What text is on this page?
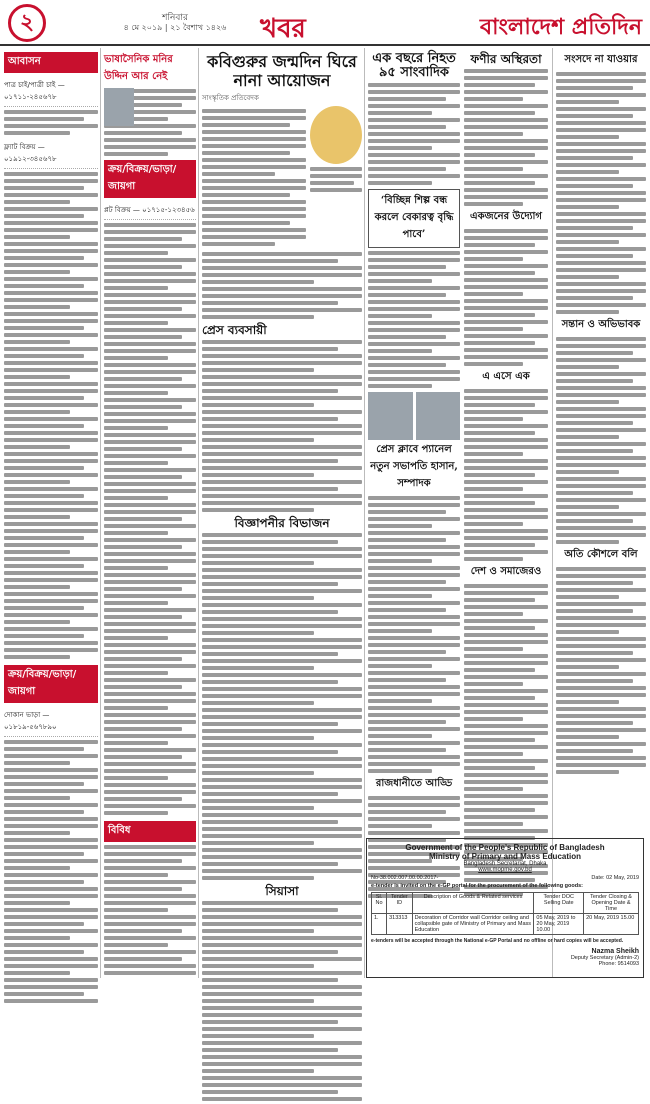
২	শনিবার
৪ মে ২০১৯ | ২১ বৈশাখ ১৪২৬ খবর	বাংলাদেশ প্রতিদিন
আবাসন
পাত্র চাই/পাত্রী চাই — ০১৭১১-২৪৫৬৭৮
ফ্ল্যাট বিক্রয় — ০১৯১২-৩৪৫৬৭৮
ক্রয়/বিক্রয়/ভাড়া/জায়গা
দোকান ভাড়া — ০১৮১৯-৫৬৭৮৯০
ভাষাসৈনিক মনির উদ্দিন আর নেই
ক্রয়/বিক্রয়/ভাড়া/জায়গা
প্লট বিক্রয় — ০১৭১৫-১২৩৪৫৬
বিবিধ
কবিগুরুর জন্মদিন ঘিরে নানা আয়োজন
সাংস্কৃতিক প্রতিবেদক
প্রেস ব্যবসায়ী
বিজ্ঞাপনীর বিভাজন
সিয়াসা
এক বছরে নিহত ৯৫ সাংবাদিক
‘বিচ্ছিন্ন শিল্প বন্ধ করলে বেকারত্ব বৃদ্ধি পাবে’
প্রেস ক্লাবে প্যানেল
নতুন সভাপতি হাসান, সম্পাদক
রাজধানীতে আড্ডি
ফণীর অস্থিরতা
একজনের উদ্যোগ
এ এসে এক
দেশ ও সমাজেরও
সংসদে না যাওয়ার
সন্তান ও অভিভাবক
অতি কৌশলে বলি
Government of the People’s Republic of Bangladesh
Ministry of Primary and Mass Education
Bangladesh Secretariat, Dhaka
www.mopme.gov.bd
No-38.002.007.00.00.2017-	Date: 02 May, 2019
e-tender is invited on the e-GP portal for the procurement of the following goods:
Sl. No	Tender ID	Description of Goods & Related services	Tender DOC Selling Date	Tender Closing & Opening Date & Time
1.	313313	Decoration of Corridor wall Corridor ceiling and collapsible gate of Ministry of Primary and Mass Education	05 May, 2019 to 20 May, 2019 10.00	20 May, 2019 15.00
e-tenders will be accepted through the National e-GP Portal and no offline or hard copies will be accepted.
Nazma Sheikh
Deputy Secretary (Admin-2)
Phone: 9514093
